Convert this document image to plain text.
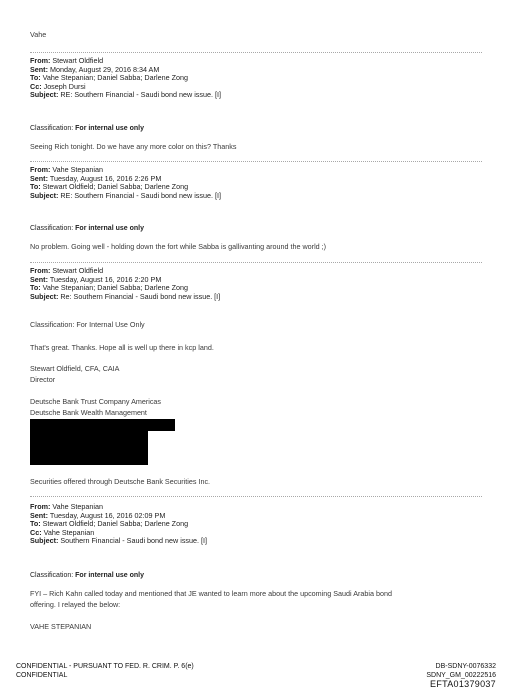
Vahe
From: Stewart Oldfield
Sent: Monday, August 29, 2016 8:34 AM
To: Vahe Stepanian; Daniel Sabba; Darlene Zong
Cc: Joseph Dursi
Subject: RE: Southern Financial - Saudi bond new issue. [I]
Classification: For internal use only
Seeing Rich tonight. Do we have any more color on this? Thanks
From: Vahe Stepanian
Sent: Tuesday, August 16, 2016 2:26 PM
To: Stewart Oldfield; Daniel Sabba; Darlene Zong
Subject: RE: Southern Financial - Saudi bond new issue. [I]
Classification: For internal use only
No problem. Going well - holding down the fort while Sabba is gallivanting around the world ;)
From: Stewart Oldfield
Sent: Tuesday, August 16, 2016 2:20 PM
To: Vahe Stepanian; Daniel Sabba; Darlene Zong
Subject: Re: Southern Financial - Saudi bond new issue. [I]
Classification: For Internal Use Only
That's great. Thanks. Hope all is well up there in kcp land.
Stewart Oldfield, CFA, CAIA
Director
Deutsche Bank Trust Company Americas
Deutsche Bank Wealth Management
Securities offered through Deutsche Bank Securities Inc.
From: Vahe Stepanian
Sent: Tuesday, August 16, 2016 02:09 PM
To: Stewart Oldfield; Daniel Sabba; Darlene Zong
Cc: Vahe Stepanian
Subject: Southern Financial - Saudi bond new issue. [I]
Classification: For internal use only
FYI – Rich Kahn called today and mentioned that JE wanted to learn more about the upcoming Saudi Arabia bond
offering. I relayed the below:
VAHE STEPANIAN
CONFIDENTIAL - PURSUANT TO FED. R. CRIM. P. 6(e)
CONFIDENTIAL
DB-SDNY-0076332
SDNY_GM_00222516
EFTA01379037
